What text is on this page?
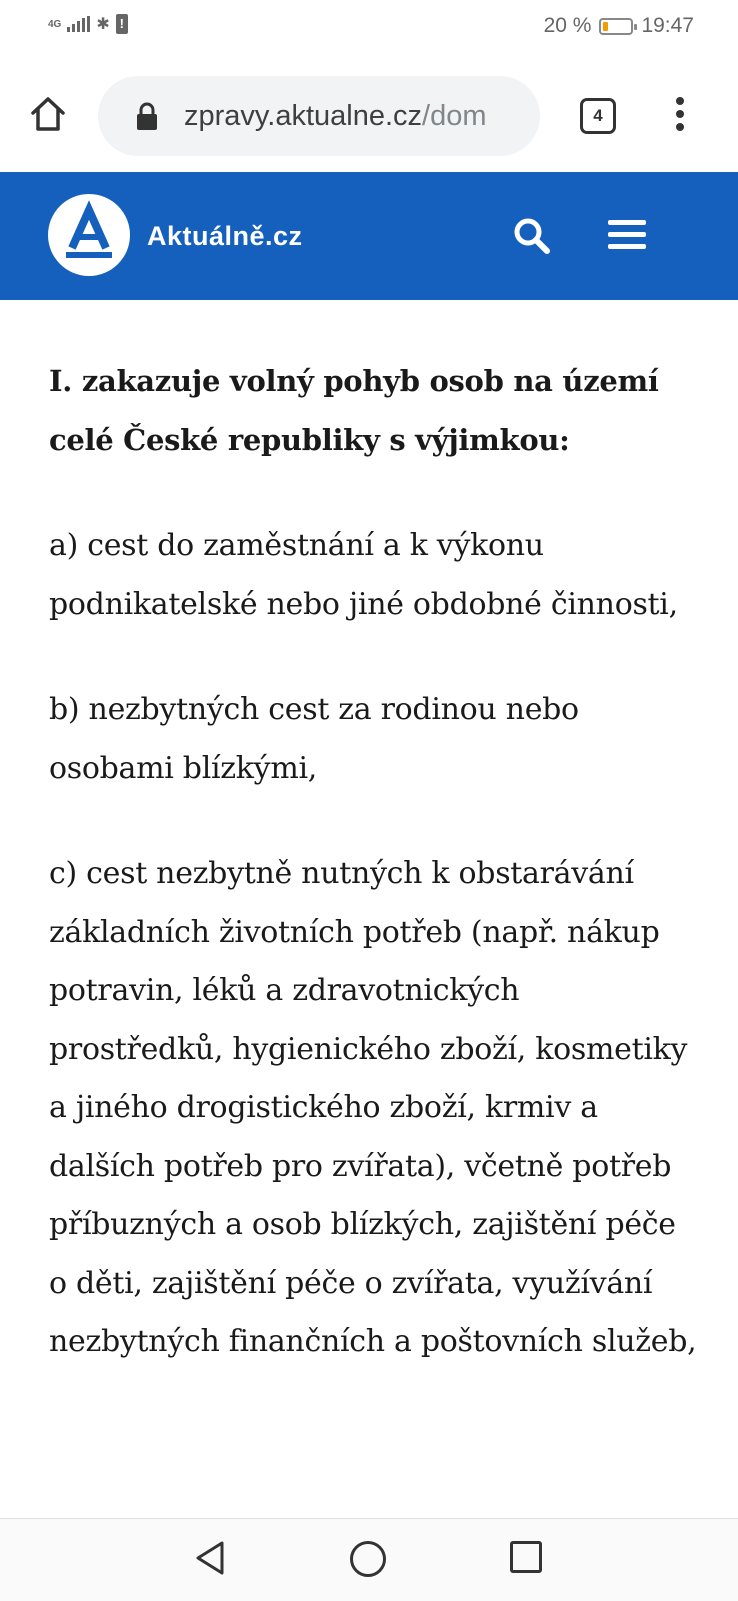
4G ✱ !	20 % 19:47
zpravy.aktualne.cz/dom	4
Aktuálně.cz

I. zakazuje volný pohyb osob na území celé České republiky s výjimkou:

a) cest do zaměstnání a k výkonu podnikatelské nebo jiné obdobné činnosti,

b) nezbytných cest za rodinou nebo osobami blízkými,

c) cest nezbytně nutných k obstarávání základních životních potřeb (např. nákup potravin, léků a zdravotnických prostředků, hygienického zboží, kosmetiky a jiného drogistického zboží, krmiv a dalších potřeb pro zvířata), včetně potřeb příbuzných a osob blízkých, zajištění péče o děti, zajištění péče o zvířata, využívání nezbytných finančních a poštovních služeb,
